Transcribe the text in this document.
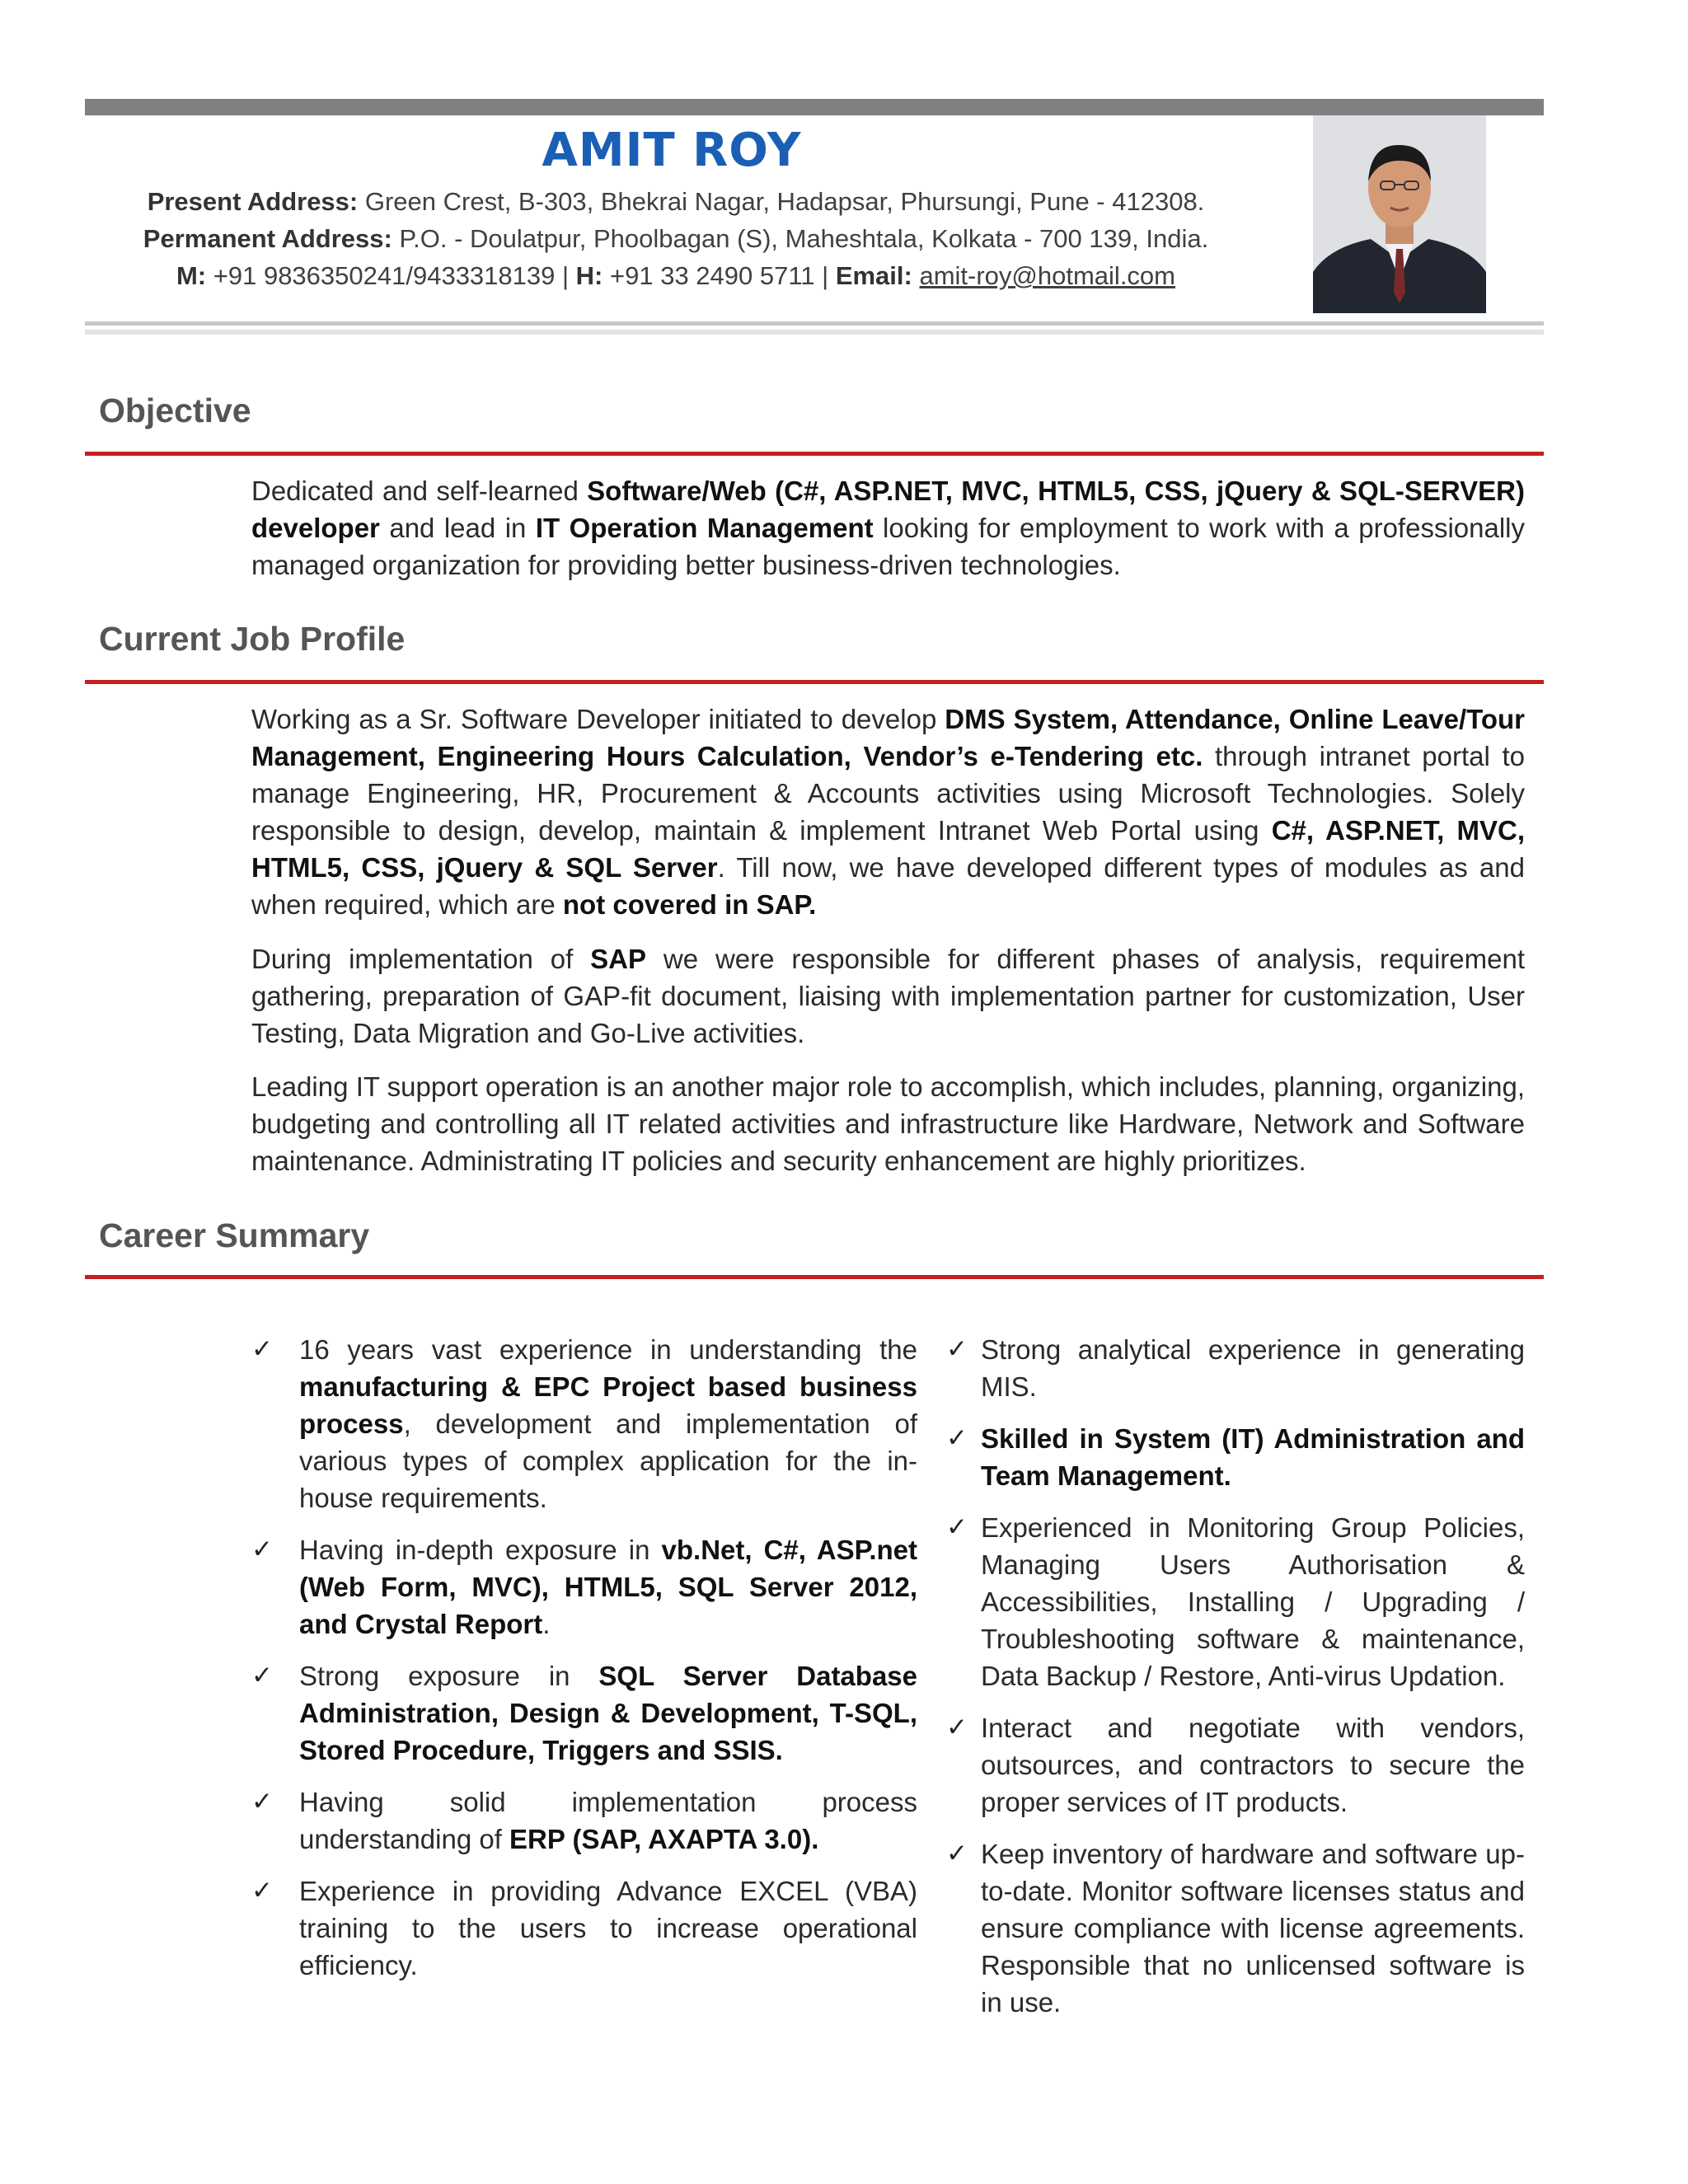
AMIT ROY
Present Address: Green Crest, B-303, Bhekrai Nagar, Hadapsar, Phursungi, Pune - 412308.
Permanent Address: P.O. - Doulatpur, Phoolbagan (S), Maheshtala, Kolkata - 700 139, India.
M: +91 9836350241/9433318139 | H: +91 33 2490 5711 | Email: amit-roy@hotmail.com
Objective
Dedicated and self-learned Software/Web (C#, ASP.NET, MVC, HTML5, CSS, jQuery & SQL-SERVER) developer and lead in IT Operation Management looking for employment to work with a professionally managed organization for providing better business-driven technologies.
Current Job Profile
Working as a Sr. Software Developer initiated to develop DMS System, Attendance, Online Leave/Tour Management, Engineering Hours Calculation, Vendor’s e-Tendering etc. through intranet portal to manage Engineering, HR, Procurement & Accounts activities using Microsoft Technologies. Solely responsible to design, develop, maintain & implement Intranet Web Portal using C#, ASP.NET, MVC, HTML5, CSS, jQuery & SQL Server. Till now, we have developed different types of modules as and when required, which are not covered in SAP.
During implementation of SAP we were responsible for different phases of analysis, requirement gathering, preparation of GAP-fit document, liaising with implementation partner for customization, User Testing, Data Migration and Go-Live activities.
Leading IT support operation is an another major role to accomplish, which includes, planning, organizing, budgeting and controlling all IT related activities and infrastructure like Hardware, Network and Software maintenance. Administrating IT policies and security enhancement are highly prioritizes.
Career Summary
✓ 16 years vast experience in understanding the manufacturing & EPC Project based business process, development and implementation of various types of complex application for the in-house requirements.
✓ Having in-depth exposure in vb.Net, C#, ASP.net (Web Form, MVC), HTML5, SQL Server 2012, and Crystal Report.
✓ Strong exposure in SQL Server Database Administration, Design & Development, T-SQL, Stored Procedure, Triggers and SSIS.
✓ Having solid implementation process understanding of ERP (SAP, AXAPTA 3.0).
✓ Experience in providing Advance EXCEL (VBA) training to the users to increase operational efficiency.
✓ Strong analytical experience in generating MIS.
✓ Skilled in System (IT) Administration and Team Management.
✓ Experienced in Monitoring Group Policies, Managing Users Authorisation & Accessibilities, Installing / Upgrading / Troubleshooting software & maintenance, Data Backup / Restore, Anti-virus Updation.
✓ Interact and negotiate with vendors, outsources, and contractors to secure the proper services of IT products.
✓ Keep inventory of hardware and software up-to-date. Monitor software licenses status and ensure compliance with license agreements. Responsible that no unlicensed software is in use.
